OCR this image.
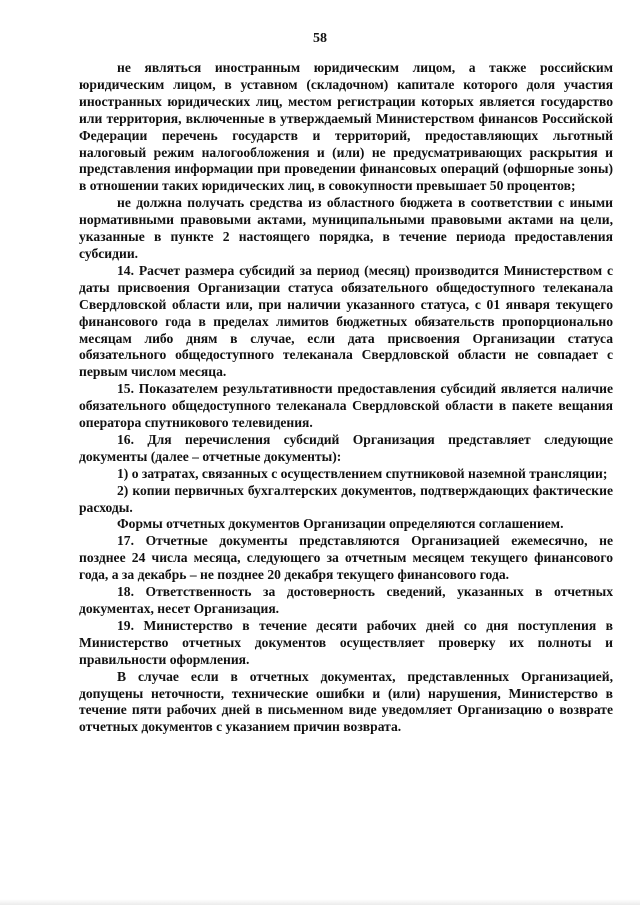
58

не являться иностранным юридическим лицом, а также российским юридическим лицом, в уставном (складочном) капитале которого доля участия иностранных юридических лиц, местом регистрации которых является государство или территория, включенные в утверждаемый Министерством финансов Российской Федерации перечень государств и территорий, предоставляющих льготный налоговый режим налогообложения и (или) не предусматривающих раскрытия и представления информации при проведении финансовых операций (офшорные зоны) в отношении таких юридических лиц, в совокупности превышает 50 процентов;

не должна получать средства из областного бюджета в соответствии с иными нормативными правовыми актами, муниципальными правовыми актами на цели, указанные в пункте 2 настоящего порядка, в течение периода предоставления субсидии.

14. Расчет размера субсидий за период (месяц) производится Министерством с даты присвоения Организации статуса обязательного общедоступного телеканала Свердловской области или, при наличии указанного статуса, с 01 января текущего финансового года в пределах лимитов бюджетных обязательств пропорционально месяцам либо дням в случае, если дата присвоения Организации статуса обязательного общедоступного телеканала Свердловской области не совпадает с первым числом месяца.

15. Показателем результативности предоставления субсидий является наличие обязательного общедоступного телеканала Свердловской области в пакете вещания оператора спутникового телевидения.

16. Для перечисления субсидий Организация представляет следующие документы (далее – отчетные документы):

1) о затратах, связанных с осуществлением спутниковой наземной трансляции;

2) копии первичных бухгалтерских документов, подтверждающих фактические расходы.

Формы отчетных документов Организации определяются соглашением.

17. Отчетные документы представляются Организацией ежемесячно, не позднее 24 числа месяца, следующего за отчетным месяцем текущего финансового года, а за декабрь – не позднее 20 декабря текущего финансового года.

18. Ответственность за достоверность сведений, указанных в отчетных документах, несет Организация.

19. Министерство в течение десяти рабочих дней со дня поступления в Министерство отчетных документов осуществляет проверку их полноты и правильности оформления.

В случае если в отчетных документах, представленных Организацией, допущены неточности, технические ошибки и (или) нарушения, Министерство в течение пяти рабочих дней в письменном виде уведомляет Организацию о возврате отчетных документов с указанием причин возврата.
